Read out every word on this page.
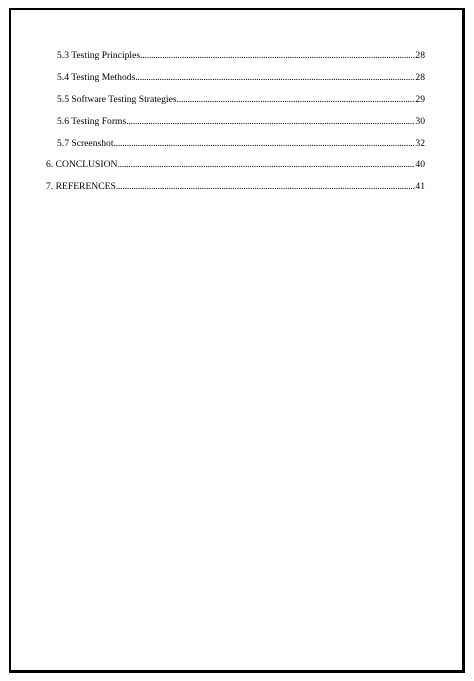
5.3 Testing Principles .....	28
5.4 Testing Methods .....	28
5.5 Software Testing Strategies .....	29
5.6 Testing Forms .....	30
5.7 Screenshot .....	32
6. CONCLUSION .....	40
7. REFERENCES .....	41
